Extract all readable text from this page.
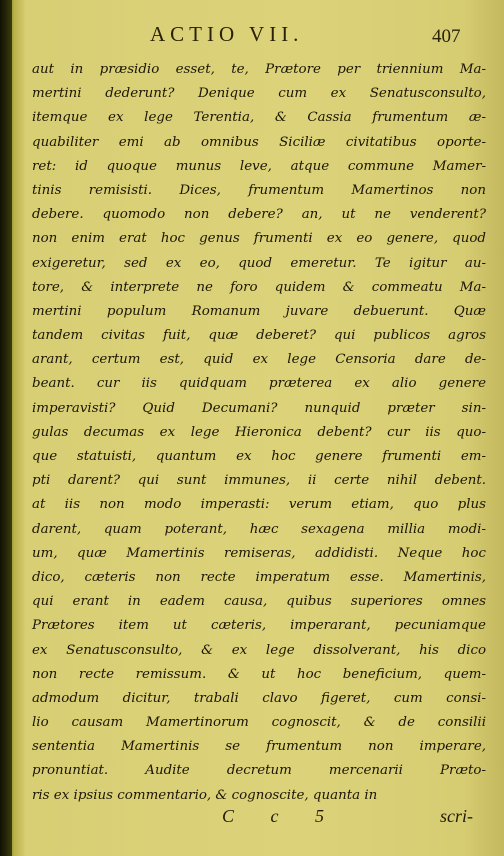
ACTIO VII.	407
aut in præsidio esset, te, Prætore per triennium Ma-
mertini dederunt? Denique cum ex Senatusconsulto,
itemque ex lege Terentia, & Cassia frumentum æ-
quabiliter emi ab omnibus Siciliæ civitatibus oporte-
ret: id quoque munus leve, atque commune Mamer-
tinis remisisti. Dices, frumentum Mamertinos non
debere. quomodo non debere? an, ut ne venderent?
non enim erat hoc genus frumenti ex eo genere, quod
exigeretur, sed ex eo, quod emeretur. Te igitur au-
tore, & interprete ne foro quidem & commeatu Ma-
mertini populum Romanum juvare debuerunt. Quæ
tandem civitas fuit, quæ deberet? qui publicos agros
arant, certum est, quid ex lege Censoria dare de-
beant. cur iis quidquam præterea ex alio genere
imperavisti? Quid Decumani? nunquid præter sin-
gulas decumas ex lege Hieronica debent? cur iis quo-
que statuisti, quantum ex hoc genere frumenti em-
pti darent? qui sunt immunes, ii certe nihil debent.
at iis non modo imperasti: verum etiam, quo plus
darent, quam poterant, hæc sexagena millia modi-
um, quæ Mamertinis remiseras, addidisti. Neque hoc
dico, cæteris non recte imperatum esse. Mamertinis,
qui erant in eadem causa, quibus superiores omnes
Prætores item ut cæteris, imperarant, pecuniamque
ex Senatusconsulto, & ex lege dissolverant, his dico
non recte remissum. & ut hoc beneficium, quem-
admodum dicitur, trabali clavo figeret, cum consi-
lio causam Mamertinorum cognoscit, & de consilii
sententia Mamertinis se frumentum non imperare,
pronuntiat. Audite decretum mercenarii Præto-
ris ex ipsius commentario, & cognoscite, quanta in
C c 5	scri-
